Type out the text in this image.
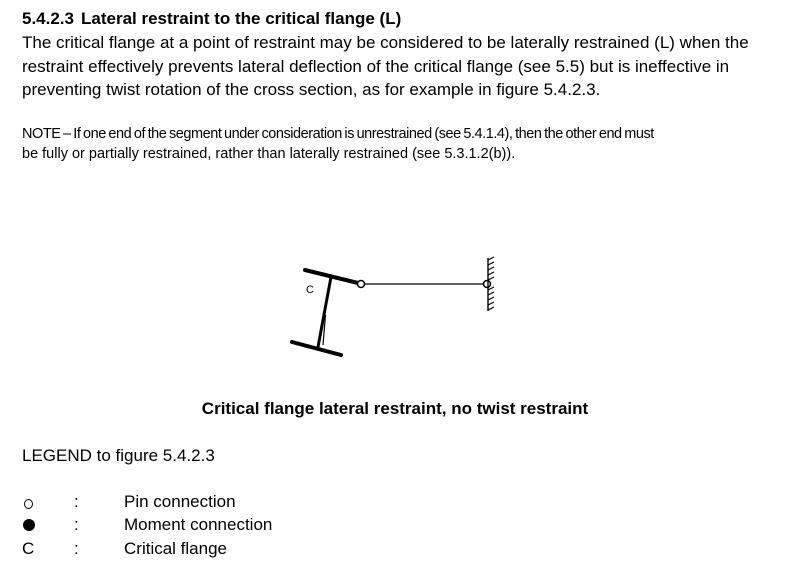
5.4.2.3 Lateral restraint to the critical flange (L)
The critical flange at a point of restraint may be considered to be laterally restrained (L) when the
restraint effectively prevents lateral deflection of the critical flange (see 5.5) but is ineffective in
preventing twist rotation of the cross section, as for example in figure 5.4.2.3.
NOTE – If one end of the segment under consideration is unrestrained (see 5.4.1.4), then the other end must
be fully or partially restrained, rather than laterally restrained (see 5.3.1.2(b)).
C
Critical flange lateral restraint, no twist restraint
LEGEND to figure 5.4.2.3
:	Pin connection
:	Moment connection
C :	Critical flange
